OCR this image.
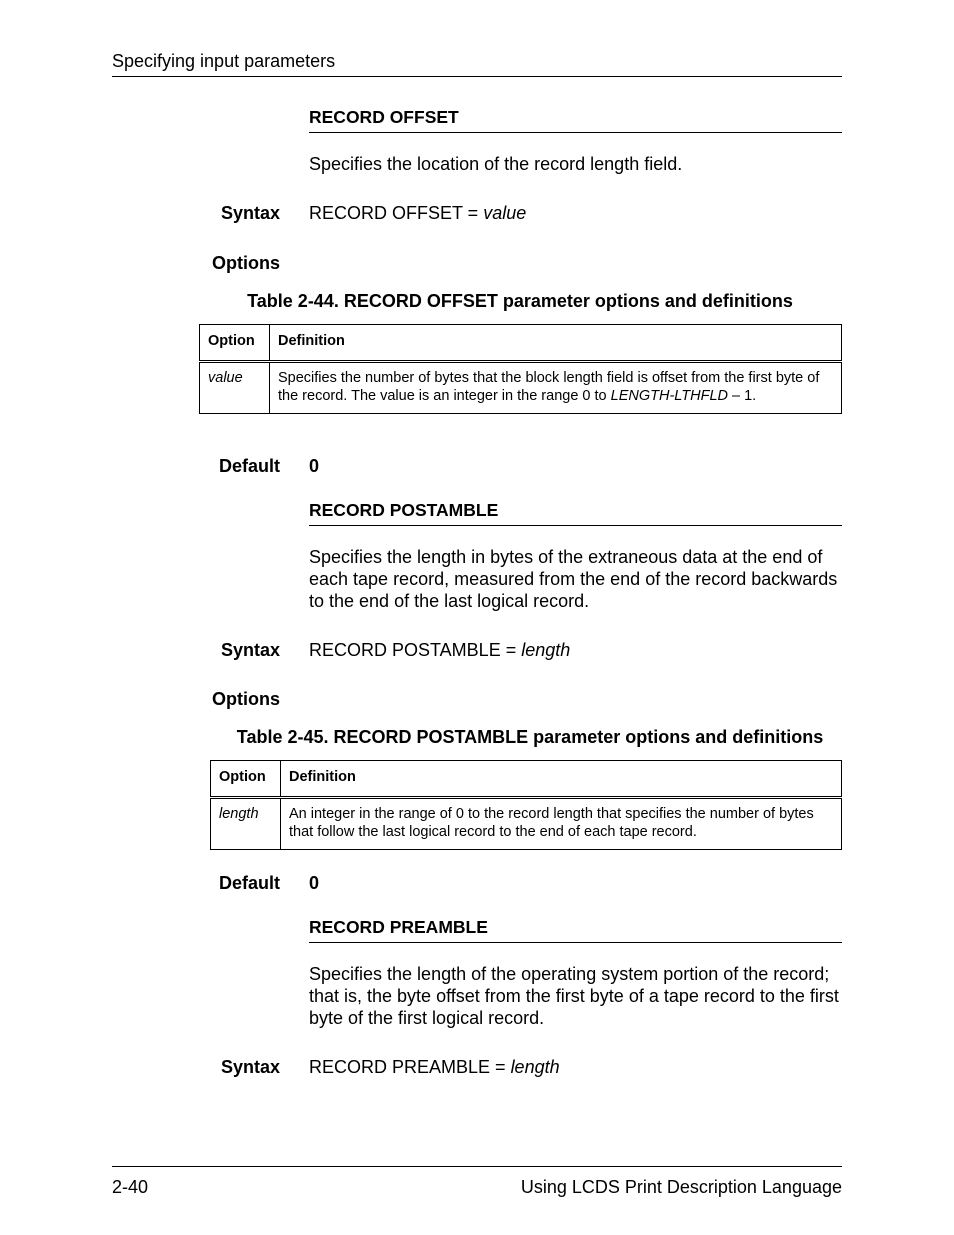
Specifying input parameters
RECORD OFFSET
Specifies the location of the record length field.
Syntax RECORD OFFSET = value
Options
Table 2-44. RECORD OFFSET parameter options and definitions
Option	Definition
value	Specifies the number of bytes that the block length field is offset from the first byte of the record. The value is an integer in the range 0 to LENGTH-LTHFLD – 1.
Default 0
RECORD POSTAMBLE
Specifies the length in bytes of the extraneous data at the end of each tape record, measured from the end of the record backwards to the end of the last logical record.
Syntax RECORD POSTAMBLE = length
Options
Table 2-45. RECORD POSTAMBLE parameter options and definitions
Option	Definition
length	An integer in the range of 0 to the record length that specifies the number of bytes that follow the last logical record to the end of each tape record.
Default 0
RECORD PREAMBLE
Specifies the length of the operating system portion of the record; that is, the byte offset from the first byte of a tape record to the first byte of the first logical record.
Syntax RECORD PREAMBLE = length
2-40	Using LCDS Print Description Language
